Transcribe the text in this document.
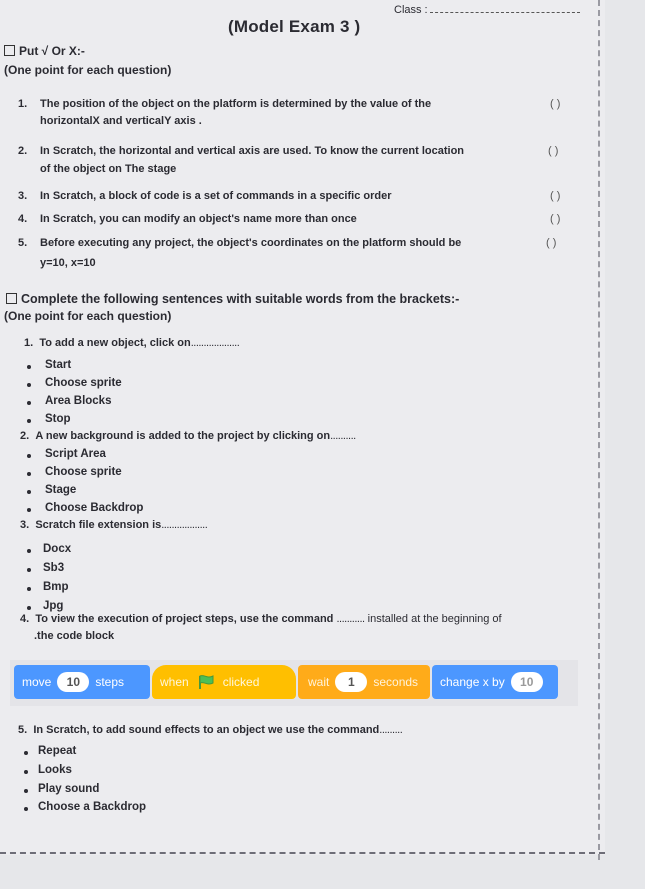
Class :
(Model Exam 3 )
Put √ Or X:-
(One point for each question)
1. The position of the object on the platform is determined by the value of the
horizontalX and verticalY axis .
( )
2. In Scratch, the horizontal and vertical axis are used. To know the current location
of the object on The stage
( )
3. In Scratch, a block of code is a set of commands in a specific order	( )
4. In Scratch, you can modify an object's name more than once	( )
5. Before executing any project, the object's coordinates on the platform should be
y=10, x=10
( )
Complete the following sentences with suitable words from the brackets:-
(One point for each question)
1. To add a new object, click on...................
Start
Choose sprite
Area Blocks
Stop
2. A new background is added to the project by clicking on..........
Script Area
Choose sprite
Stage
Choose Backdrop
3. Scratch file extension is..................
Docx
Sb3
Bmp
Jpg
4. To view the execution of project steps, use the command ........... installed at the beginning of
.the code block
move	10	steps	when	clicked	wait	1	seconds change x by	10
5. In Scratch, to add sound effects to an object we use the command.........
Repeat
Looks
Play sound
Choose a Backdrop
